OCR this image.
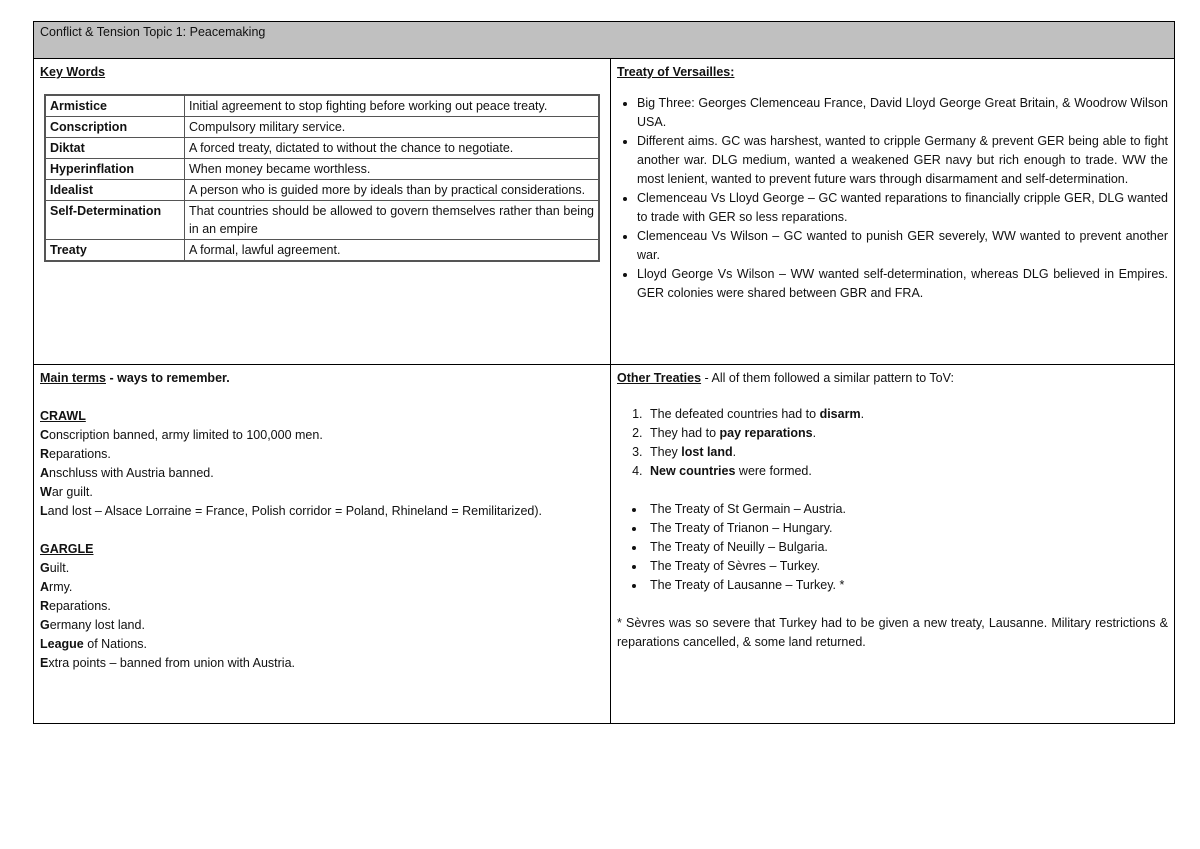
Conflict & Tension Topic 1: Peacemaking
Key Words
Armistice	Initial agreement to stop fighting before working out peace treaty.
Conscription	Compulsory military service.
Diktat	A forced treaty, dictated to without the chance to negotiate.
Hyperinflation	When money became worthless.
Idealist	A person who is guided more by ideals than by practical considerations.
Self-Determination	That countries should be allowed to govern themselves rather than being in an empire
Treaty	A formal, lawful agreement.
	Treaty of Versailles:
• Big Three: Georges Clemenceau France, David Lloyd George Great Britain, & Woodrow Wilson USA.
• Different aims. GC was harshest, wanted to cripple Germany & prevent GER being able to fight another war. DLG medium, wanted a weakened GER navy but rich enough to trade. WW the most lenient, wanted to prevent future wars through disarmament and self-determination.
• Clemenceau Vs Lloyd George – GC wanted reparations to financially cripple GER, DLG wanted to trade with GER so less reparations.
• Clemenceau Vs Wilson – GC wanted to punish GER severely, WW wanted to prevent another war.
• Lloyd George Vs Wilson – WW wanted self-determination, whereas DLG believed in Empires. GER colonies were shared between GBR and FRA.

Main terms - ways to remember.
CRAWL
Conscription banned, army limited to 100,000 men.
Reparations.
Anschluss with Austria banned.
War guilt.
Land lost – Alsace Lorraine = France, Polish corridor = Poland, Rhineland = Remilitarized).
GARGLE
Guilt.
Army.
Reparations.
Germany lost land.
League of Nations.
Extra points – banned from union with Austria.

Other Treaties - All of them followed a similar pattern to ToV:
1. The defeated countries had to disarm.
2. They had to pay reparations.
3. They lost land.
4. New countries were formed.
• The Treaty of St Germain – Austria.
• The Treaty of Trianon – Hungary.
• The Treaty of Neuilly – Bulgaria.
• The Treaty of Sèvres – Turkey.
• The Treaty of Lausanne – Turkey. *
* Sèvres was so severe that Turkey had to be given a new treaty, Lausanne. Military restrictions & reparations cancelled, & some land returned.
